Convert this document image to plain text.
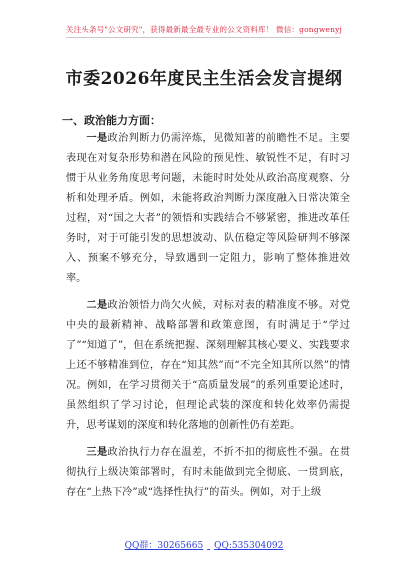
关注头条号"公文研究"，获得最新最全最专业的公文资料库！ 微信：gongwenyj
市委2026年度民主生活会发言提纲
一、政治能力方面：

一是政治判断力仍需淬炼，见微知著的前瞻性不足。主要表现在对复杂形势和潜在风险的预见性、敏锐性不足，有时习惯于从业务角度思考问题，未能时时处处从政治高度观察、分析和处理矛盾。例如，未能将政治判断力深度融入日常决策全过程，对“国之大者”的领悟和实践结合不够紧密，推进改革任务时，对于可能引发的思想波动、队伍稳定等风险研判不够深入、预案不够充分，导致遇到一定阻力，影响了整体推进效率。

二是政治领悟力尚欠火候，对标对表的精准度不够。对党中央的最新精神、战略部署和政策意图，有时满足于“学过了”“知道了”，但在系统把握、深刻理解其核心要义、实践要求上还不够精准到位，存在“知其然”而“不完全知其所以然”的情况。例如，在学习贯彻关于“高质量发展”的系列重要论述时，虽然组织了学习讨论，但理论武装的深度和转化效率仍需提升，思考谋划的深度和转化落地的创新性仍有差距。

三是政治执行力存在温差，不折不扣的彻底性不强。在贯彻执行上级决策部署时，有时未能做到完全彻底、一贯到底，存在“上热下冷”或“选择性执行”的苗头。例如，对于上级

QQ群：30265665 QQ:535304092
